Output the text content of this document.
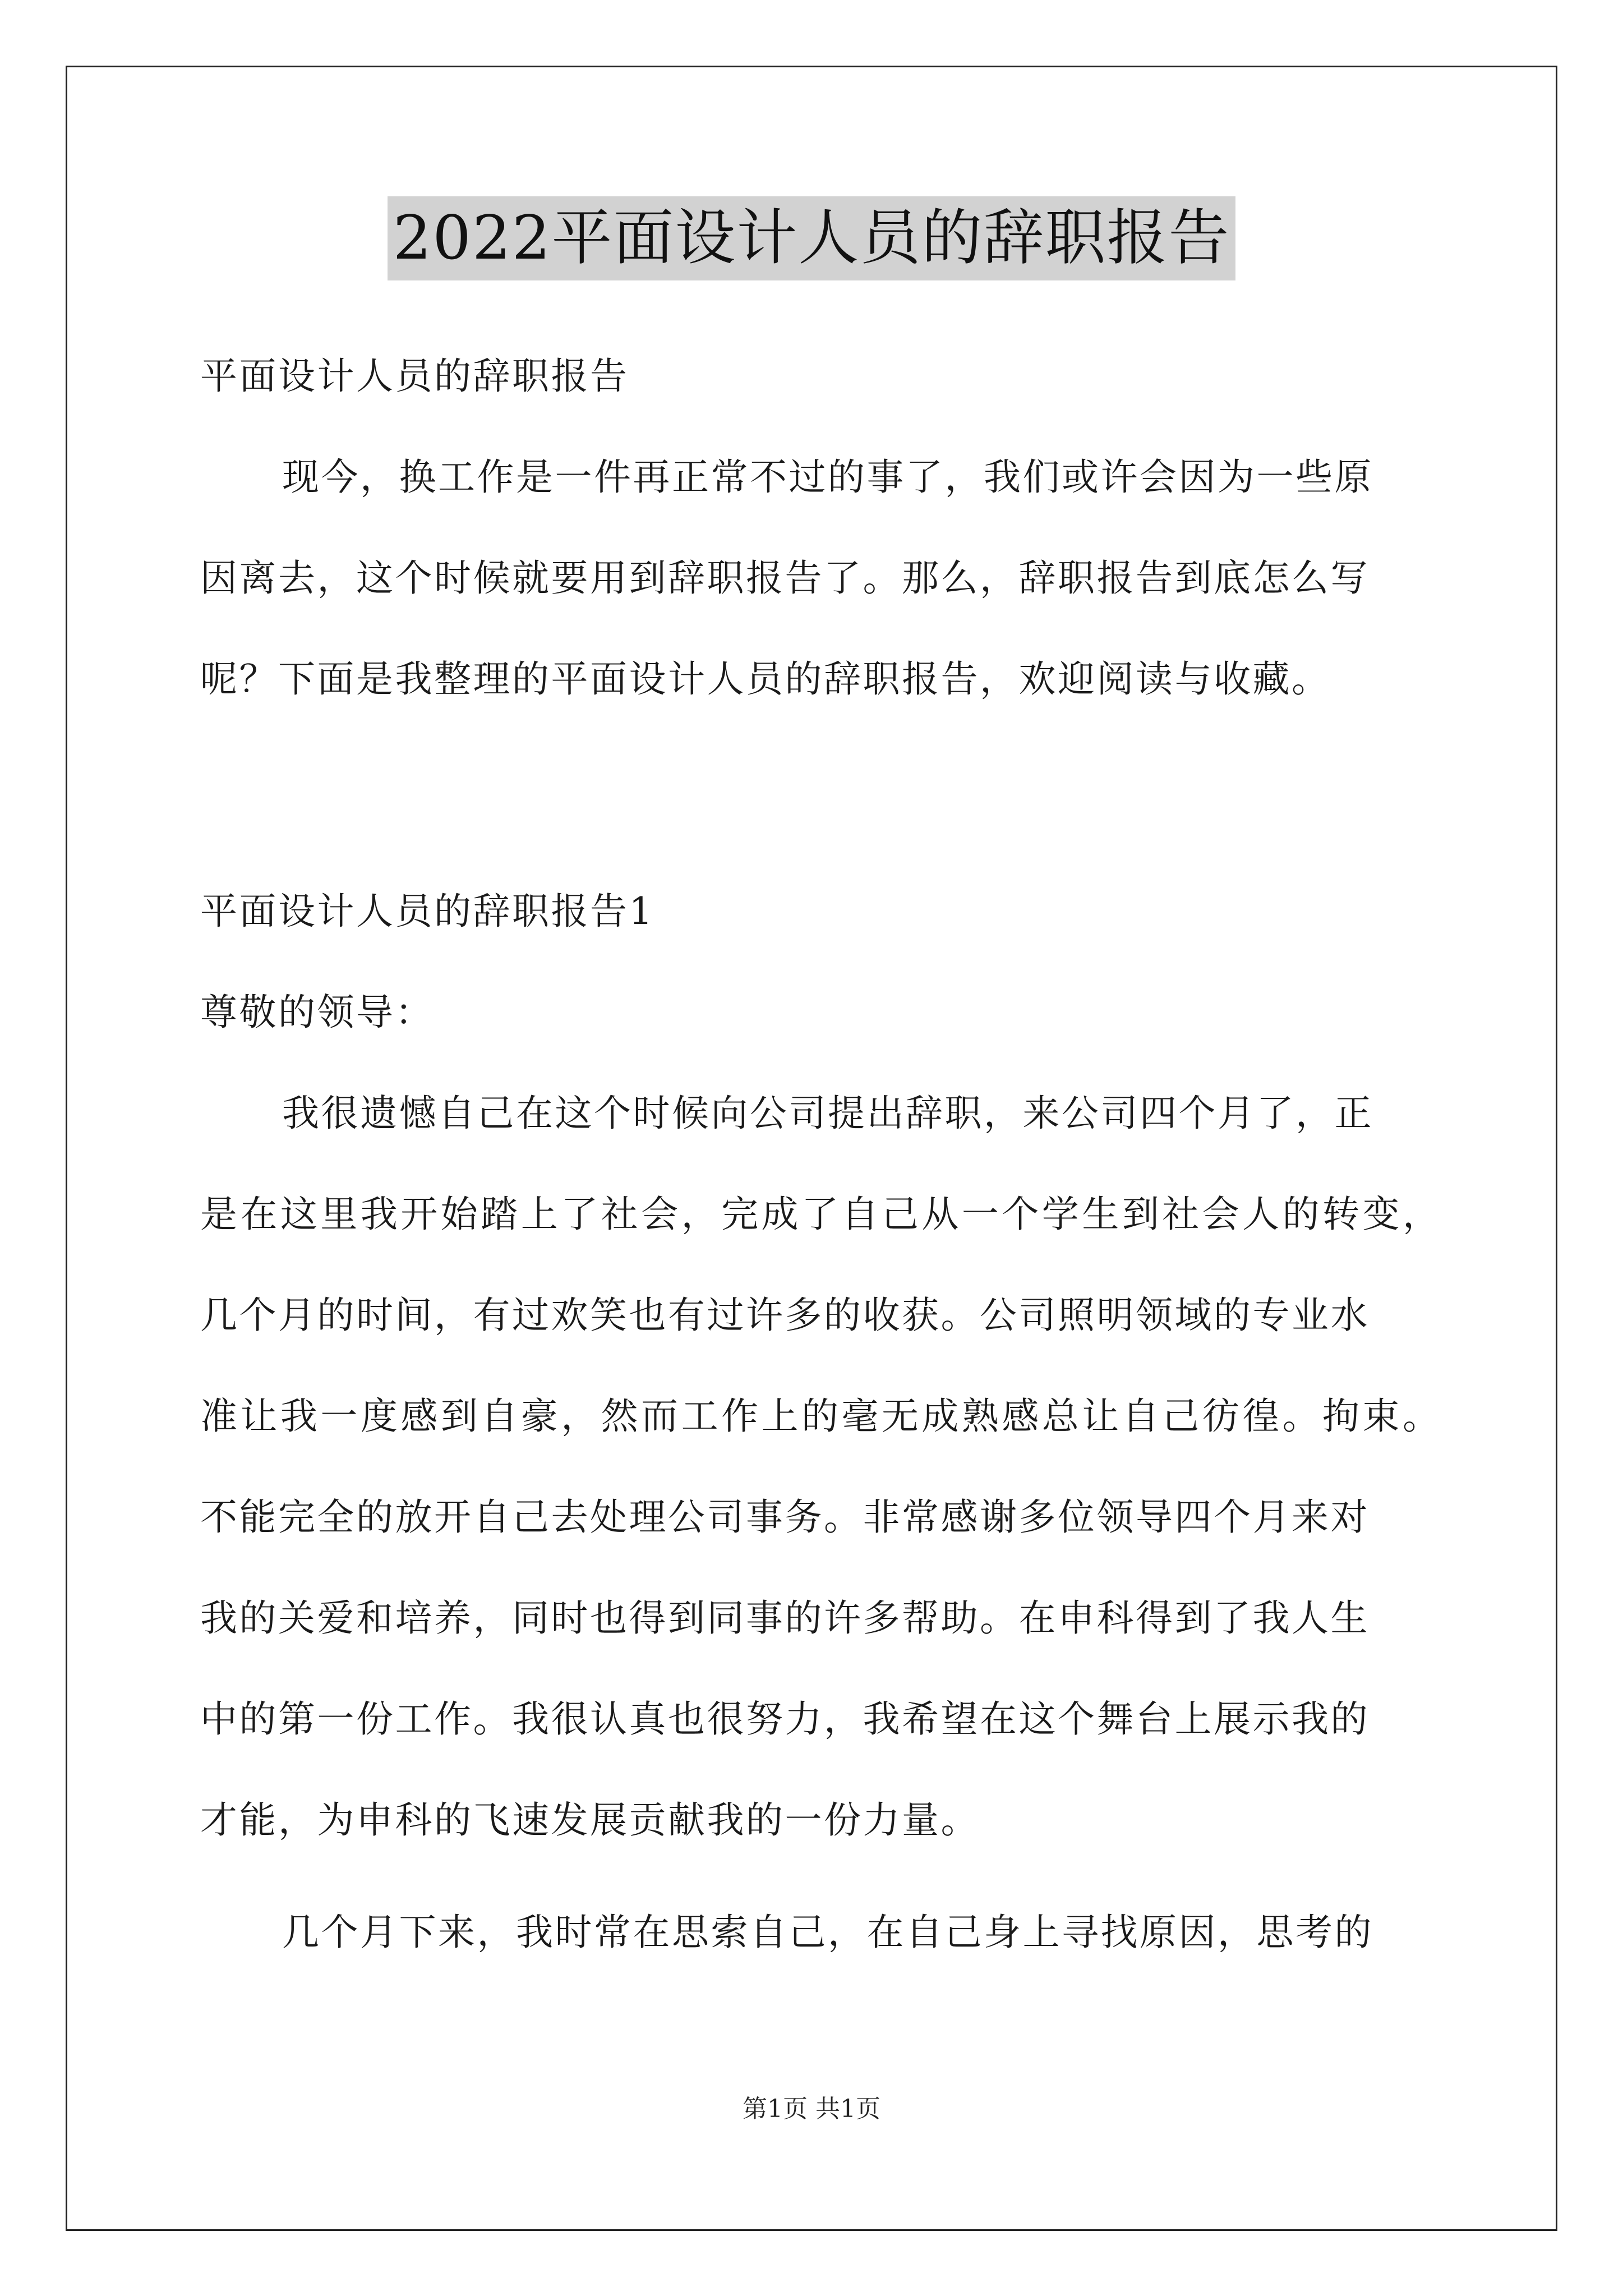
2022平面设计人员的辞职报告
平面设计人员的辞职报告
现今，换工作是一件再正常不过的事了，我们或许会因为一些原
因离去，这个时候就要用到辞职报告了。那么，辞职报告到底怎么写
呢？下面是我整理的平面设计人员的辞职报告，欢迎阅读与收藏。
平面设计人员的辞职报告1
尊敬的领导：
我很遗憾自己在这个时候向公司提出辞职，来公司四个月了，正
是在这里我开始踏上了社会，完成了自己从一个学生到社会人的转变，
几个月的时间，有过欢笑也有过许多的收获。公司照明领域的专业水
准让我一度感到自豪，然而工作上的毫无成熟感总让自己彷徨。拘束。
不能完全的放开自己去处理公司事务。非常感谢多位领导四个月来对
我的关爱和培养，同时也得到同事的许多帮助。在申科得到了我人生
中的第一份工作。我很认真也很努力，我希望在这个舞台上展示我的
才能，为申科的飞速发展贡献我的一份力量。
几个月下来，我时常在思索自己，在自己身上寻找原因，思考的
第1页 共1页
